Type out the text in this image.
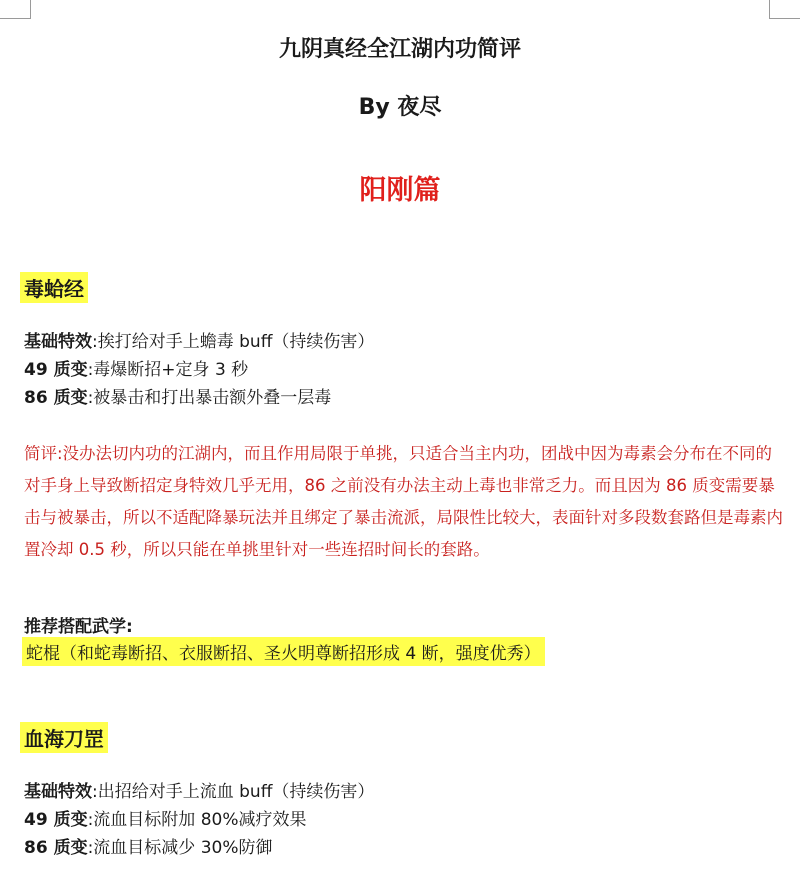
九阴真经全江湖内功简评
By 夜尽
阳刚篇
毒蛤经
基础特效:挨打给对手上蟾毒 buff（持续伤害）
49 质变:毒爆断招+定身 3 秒
86 质变:被暴击和打出暴击额外叠一层毒
简评:没办法切内功的江湖内，而且作用局限于单挑，只适合当主内功，团战中因为毒素会分布在不同的对手身上导致断招定身特效几乎无用，86 之前没有办法主动上毒也非常乏力。而且因为 86 质变需要暴击与被暴击，所以不适配降暴玩法并且绑定了暴击流派，局限性比较大，表面针对多段数套路但是毒素内置冷却 0.5 秒，所以只能在单挑里针对一些连招时间长的套路。
推荐搭配武学:
蛇棍（和蛇毒断招、衣服断招、圣火明尊断招形成 4 断，强度优秀）
血海刀罡
基础特效:出招给对手上流血 buff（持续伤害）
49 质变:流血目标附加 80%减疗效果
86 质变:流血目标减少 30%防御
